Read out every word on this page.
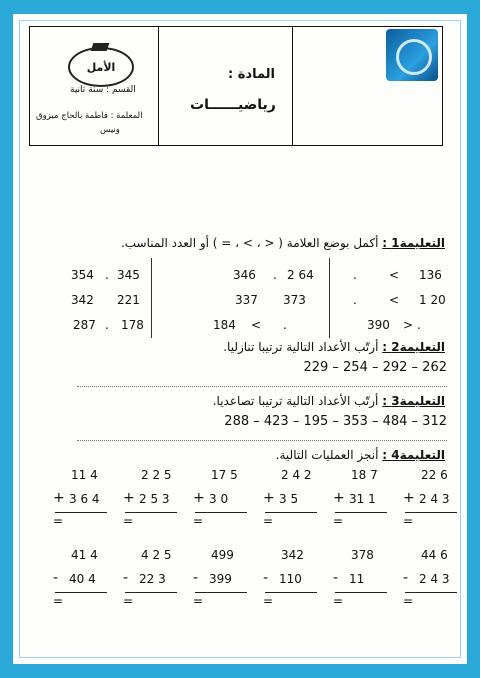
الأمل
القسم : سنة ثانية
المعلمة : فاطمة بالحاج ميزوق
ونيس
المادة :
رياضيــــــات
التعليمة1 : أكمل بوضع العلامة ( < ، > ، = ) أو العدد المناسب.
136
<
.
2 64
.
346
345
.
354
1 20
<
.
373
337
221
342
.
>
390
.
<
184
178
.
287
التعليمة2 : أرتّب الأعداد التالية ترتيبا تنازليا.
229 – 254 – 292 – 262
التعليمة3 : أرتّب الأعداد التالية ترتيبا تصاعديا.
288 – 423 – 195 – 353 – 484 – 312
التعليمة4 : أنجز العمليات التالية.
11 4
+ 3 6 4
=
2 2 5
+ 2 5 3
=
17 5
+ 3 0
=
2 4 2
+ 3 5
=
18 7
+ 31 1
=
22 6
+ 2 4 3
=
41 4
- 40 4
=
4 2 5
- 22 3
=
499
- 399
=
342
- 110
=
378
- 11
=
44 6
- 2 4 3
=
